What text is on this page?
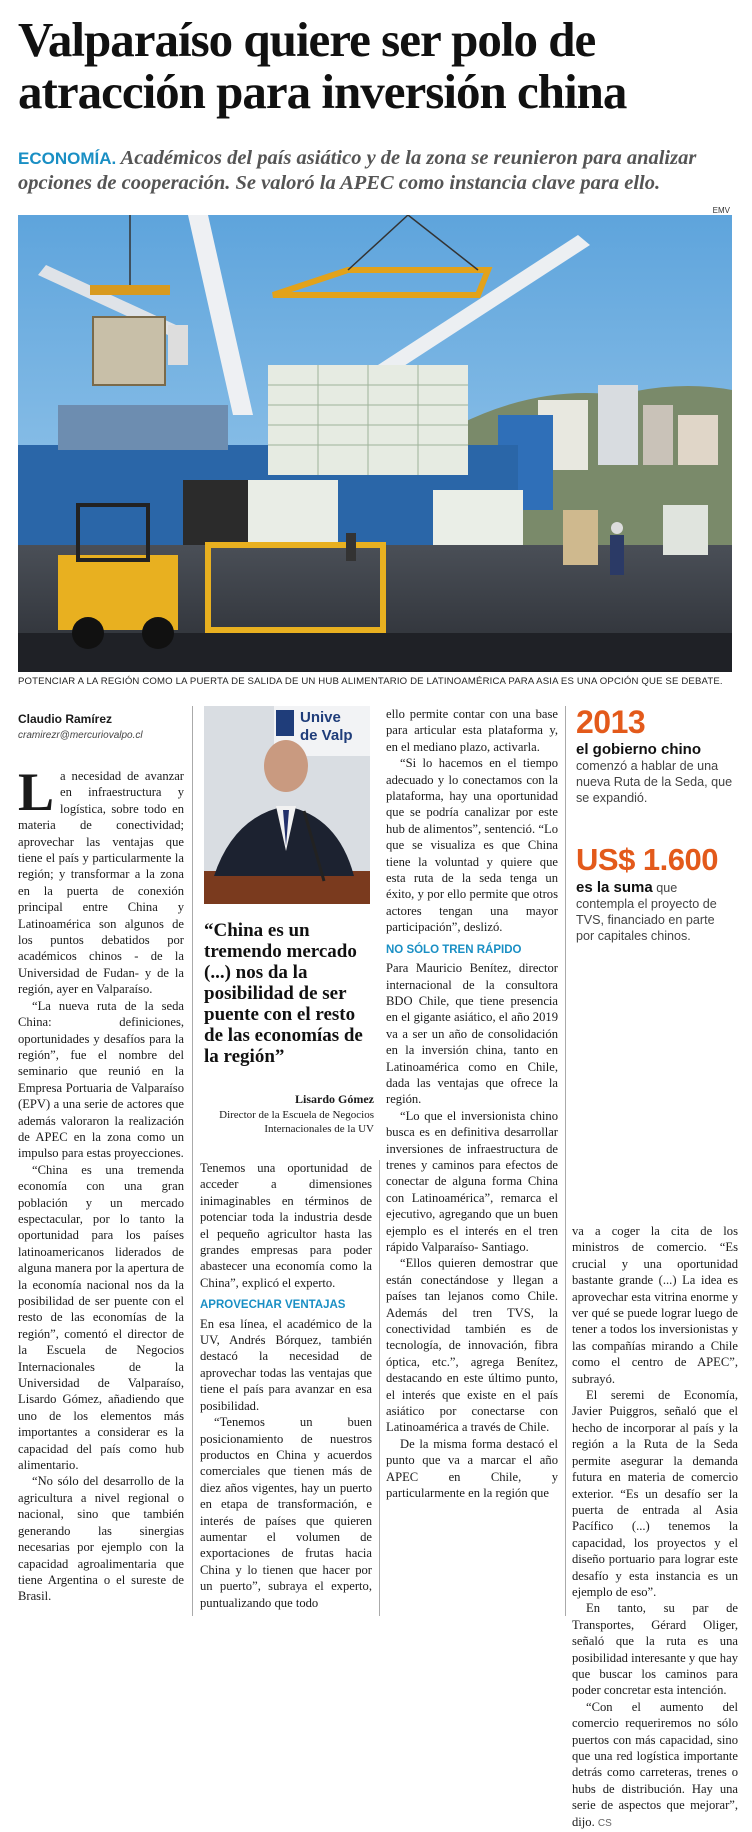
Valparaíso quiere ser polo de atracción para inversión china

ECONOMÍA. Académicos del país asiático y de la zona se reunieron para analizar opciones de cooperación. Se valoró la APEC como instancia clave para ello.

EMV
POTENCIAR A LA REGIÓN COMO LA PUERTA DE SALIDA DE UN HUB ALIMENTARIO DE LATINOAMÉRICA PARA ASIA ES UNA OPCIÓN QUE SE DEBATE.
Claudio Ramírez
cramirezr@mercuriovalpo.cl

La necesidad de avanzar en infraestructura y logística, sobre todo en materia de conectividad; aprovechar las ventajas que tiene el país y particularmente la región; y transformar a la zona en la puerta de conexión principal entre China y Latinoamérica son algunos de los puntos debatidos por académicos chinos - de la Universidad de Fudan- y de la región, ayer en Valparaíso.

“La nueva ruta de la seda China: definiciones, oportunidades y desafíos para la región”, fue el nombre del seminario que reunió en la Empresa Portuaria de Valparaíso (EPV) a una serie de actores que además valoraron la realización de APEC en la zona como un impulso para estas proyecciones.

“China es una tremenda economía con una gran población y un mercado espectacular, por lo tanto la oportunidad para los países latinoamericanos liderados de alguna manera por la apertura de la economía nacional nos da la posibilidad de ser puente con el resto de las economías de la región”, comentó el director de la Escuela de Negocios Internacionales de la Universidad de Valparaíso, Lisardo Gómez, añadiendo que uno de los elementos más importantes a considerar es la capacidad del país como hub alimentario.

“No sólo del desarrollo de la agricultura a nivel regional o nacional, sino que también generando las sinergias necesarias por ejemplo con la capacidad agroalimentaria que tiene Argentina o el sureste de Brasil.

Unive
de Valp
“China es un tremendo mercado (...) nos da la posibilidad de ser puente con el resto de las economías de la región”
Lisardo Gómez
Director de la Escuela de Negocios Internacionales de la UV

Tenemos una oportunidad de acceder a dimensiones inimaginables en términos de potenciar toda la industria desde el pequeño agricultor hasta las grandes empresas para poder abastecer una economía como la China”, explicó el experto.

APROVECHAR VENTAJAS

En esa línea, el académico de la UV, Andrés Bórquez, también destacó la necesidad de aprovechar todas las ventajas que tiene el país para avanzar en esa posibilidad.

“Tenemos un buen posicionamiento de nuestros productos en China y acuerdos comerciales que tienen más de diez años vigentes, hay un puerto en etapa de transformación, e interés de países que quieren aumentar el volumen de exportaciones de frutas hacia China y lo tienen que hacer por un puerto”, subraya el experto, puntualizando que todo

ello permite contar con una base para articular esta plataforma y, en el mediano plazo, activarla.

“Si lo hacemos en el tiempo adecuado y lo conectamos con la plataforma, hay una oportunidad que se podría canalizar por este hub de alimentos”, sentenció. “Lo que se visualiza es que China tiene la voluntad y quiere que esta ruta de la seda tenga un éxito, y por ello permite que otros actores tengan una mayor participación”, deslizó.

NO SÓLO TREN RÁPIDO

Para Mauricio Benítez, director internacional de la consultora BDO Chile, que tiene presencia en el gigante asiático, el año 2019 va a ser un año de consolidación en la inversión china, tanto en Latinoamérica como en Chile, dada las ventajas que ofrece la región.

“Lo que el inversionista chino busca es en definitiva desarrollar inversiones de infraestructura de trenes y caminos para efectos de conectar de alguna forma China con Latinoamérica”, remarca el ejecutivo, agregando que un buen ejemplo es el interés en el tren rápido Valparaíso- Santiago.

“Ellos quieren demostrar que están conectándose y llegan a países tan lejanos como Chile. Además del tren TVS, la conectividad también es de tecnología, de innovación, fibra óptica, etc.”, agrega Benítez, destacando en este último punto, el interés que existe en el país asiático por conectarse con Latinoamérica a través de Chile.

De la misma forma destacó el punto que va a marcar el año APEC en Chile, y particularmente en la región que

2013
el gobierno chino comenzó a hablar de una nueva Ruta de la Seda, que se expandió.
US$ 1.600
es la suma que contempla el proyecto de TVS, financiado en parte por capitales chinos.

va a coger la cita de los ministros de comercio. “Es crucial y una oportunidad bastante grande (...) La idea es aprovechar esta vitrina enorme y ver qué se puede lograr luego de tener a todos los inversionistas y las compañías mirando a Chile como el centro de APEC”, subrayó.

El seremi de Economía, Javier Puiggros, señaló que el hecho de incorporar al país y la región a la Ruta de la Seda permite asegurar la demanda futura en materia de comercio exterior. “Es un desafío ser la puerta de entrada al Asia Pacífico (...) tenemos la capacidad, los proyectos y el diseño portuario para lograr este desafío y esta instancia es un ejemplo de eso”.

En tanto, su par de Transportes, Gérard Oliger, señaló que la ruta es una posibilidad interesante y que hay que buscar los caminos para poder concretar esta intención.

“Con el aumento del comercio requeriremos no sólo puertos con más capacidad, sino que una red logística importante detrás como carreteras, trenes o hubs de distribución. Hay una serie de aspectos que mejorar”, dijo. CS
